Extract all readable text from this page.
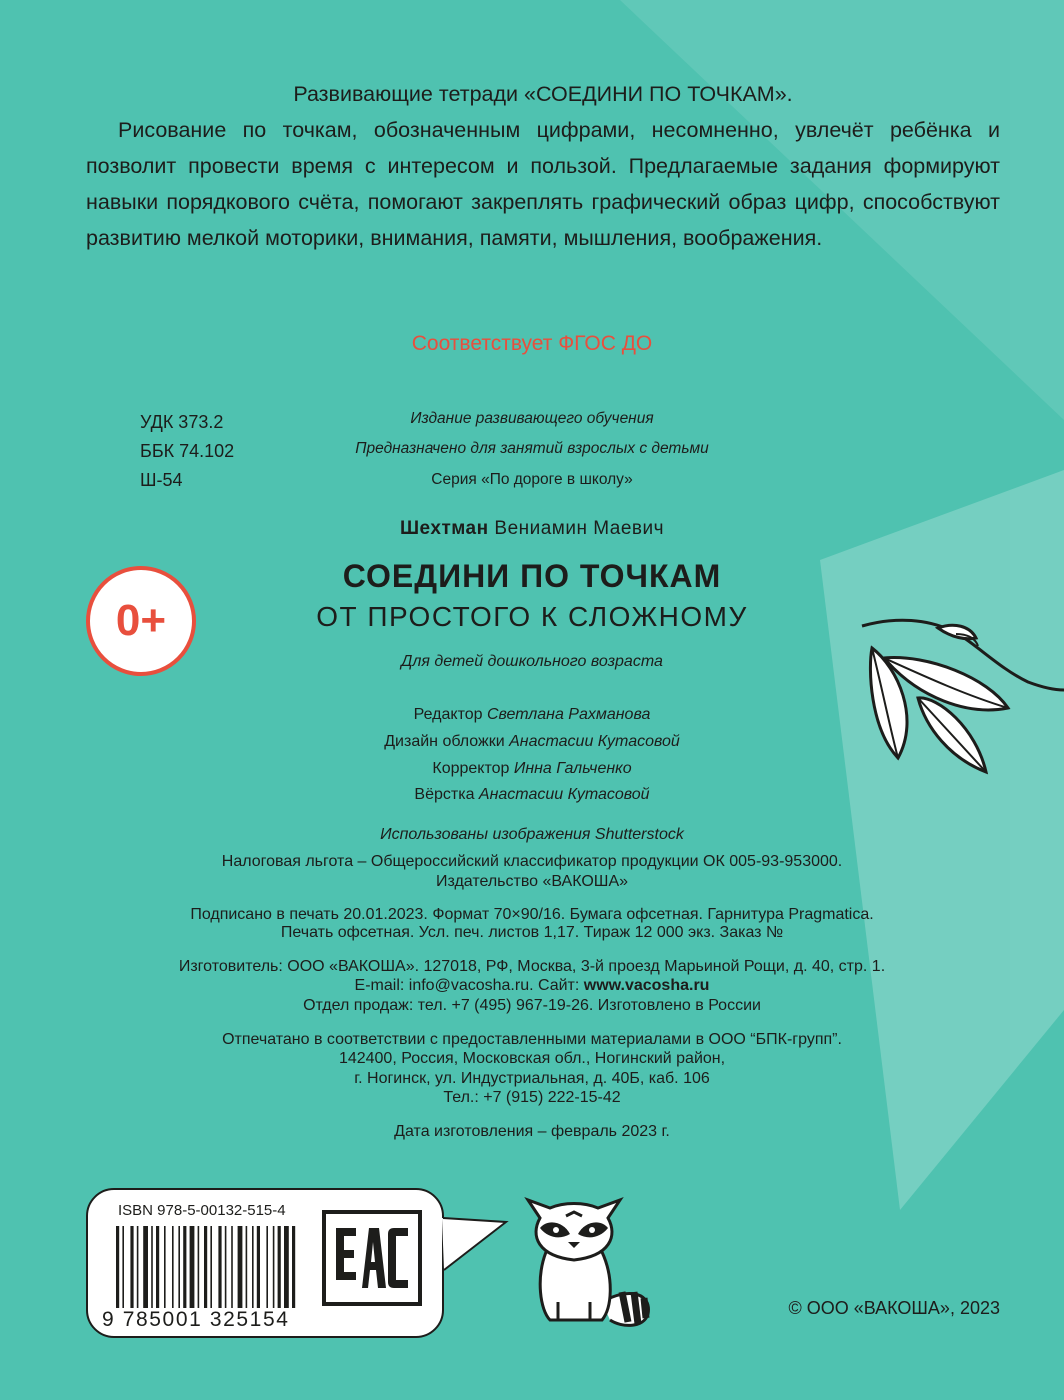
Развивающие тетради «СОЕДИНИ ПО ТОЧКАМ».

Рисование по точкам, обозначенным цифрами, несомненно, увлечёт ребёнка и позволит провести время с интересом и пользой. Предлагаемые задания формируют навыки порядкового счёта, помогают закреплять графический образ цифр, способствуют развитию мелкой моторики, внимания, памяти, мышления, воображения.

Соответствует ФГОС ДО
УДК 373.2
ББК 74.102
Ш-54
Издание развивающего обучения
Предназначено для занятий взрослых с детьми
Серия «По дороге в школу»
Шехтман Вениамин Маевич
СОЕДИНИ ПО ТОЧКАМ
ОТ ПРОСТОГО К СЛОЖНОМУ
Для детей дошкольного возраста
0+
Редактор Светланa Рахманова
Дизайн обложки Анастасии Кутасовой
Корректор Инна Гальченко
Вёрстка Анастасии Кутасовой
Использованы изображения Shutterstock
Налоговая льгота – Общероссийский классификатор продукции ОК 005-93-953000.
Издательство «ВАКОША»
Подписано в печать 20.01.2023. Формат 70×90/16. Бумага офсетная. Гарнитура Pragmatica.
Печать офсетная. Усл. печ. листов 1,17. Тираж 12 000 экз. Заказ №
Изготовитель: ООО «ВАКОША». 127018, РФ, Москва, 3-й проезд Марьиной Рощи, д. 40, стр. 1.
E-mail: info@vacosha.ru. Сайт: www.vacosha.ru
Отдел продаж: тел. +7 (495) 967-19-26. Изготовлено в России
Отпечатано в соответствии с предоставленными материалами в ООО “БПК-групп”.
142400, Россия, Московская обл., Ногинский район,
г. Ногинск, ул. Индустриальная, д. 40Б, каб. 106
Тел.: +7 (915) 222-15-42
Дата изготовления – февраль 2023 г.
ISBN 978-5-00132-515-4
9 785001 325154	© ООО «ВАКОША», 2023
